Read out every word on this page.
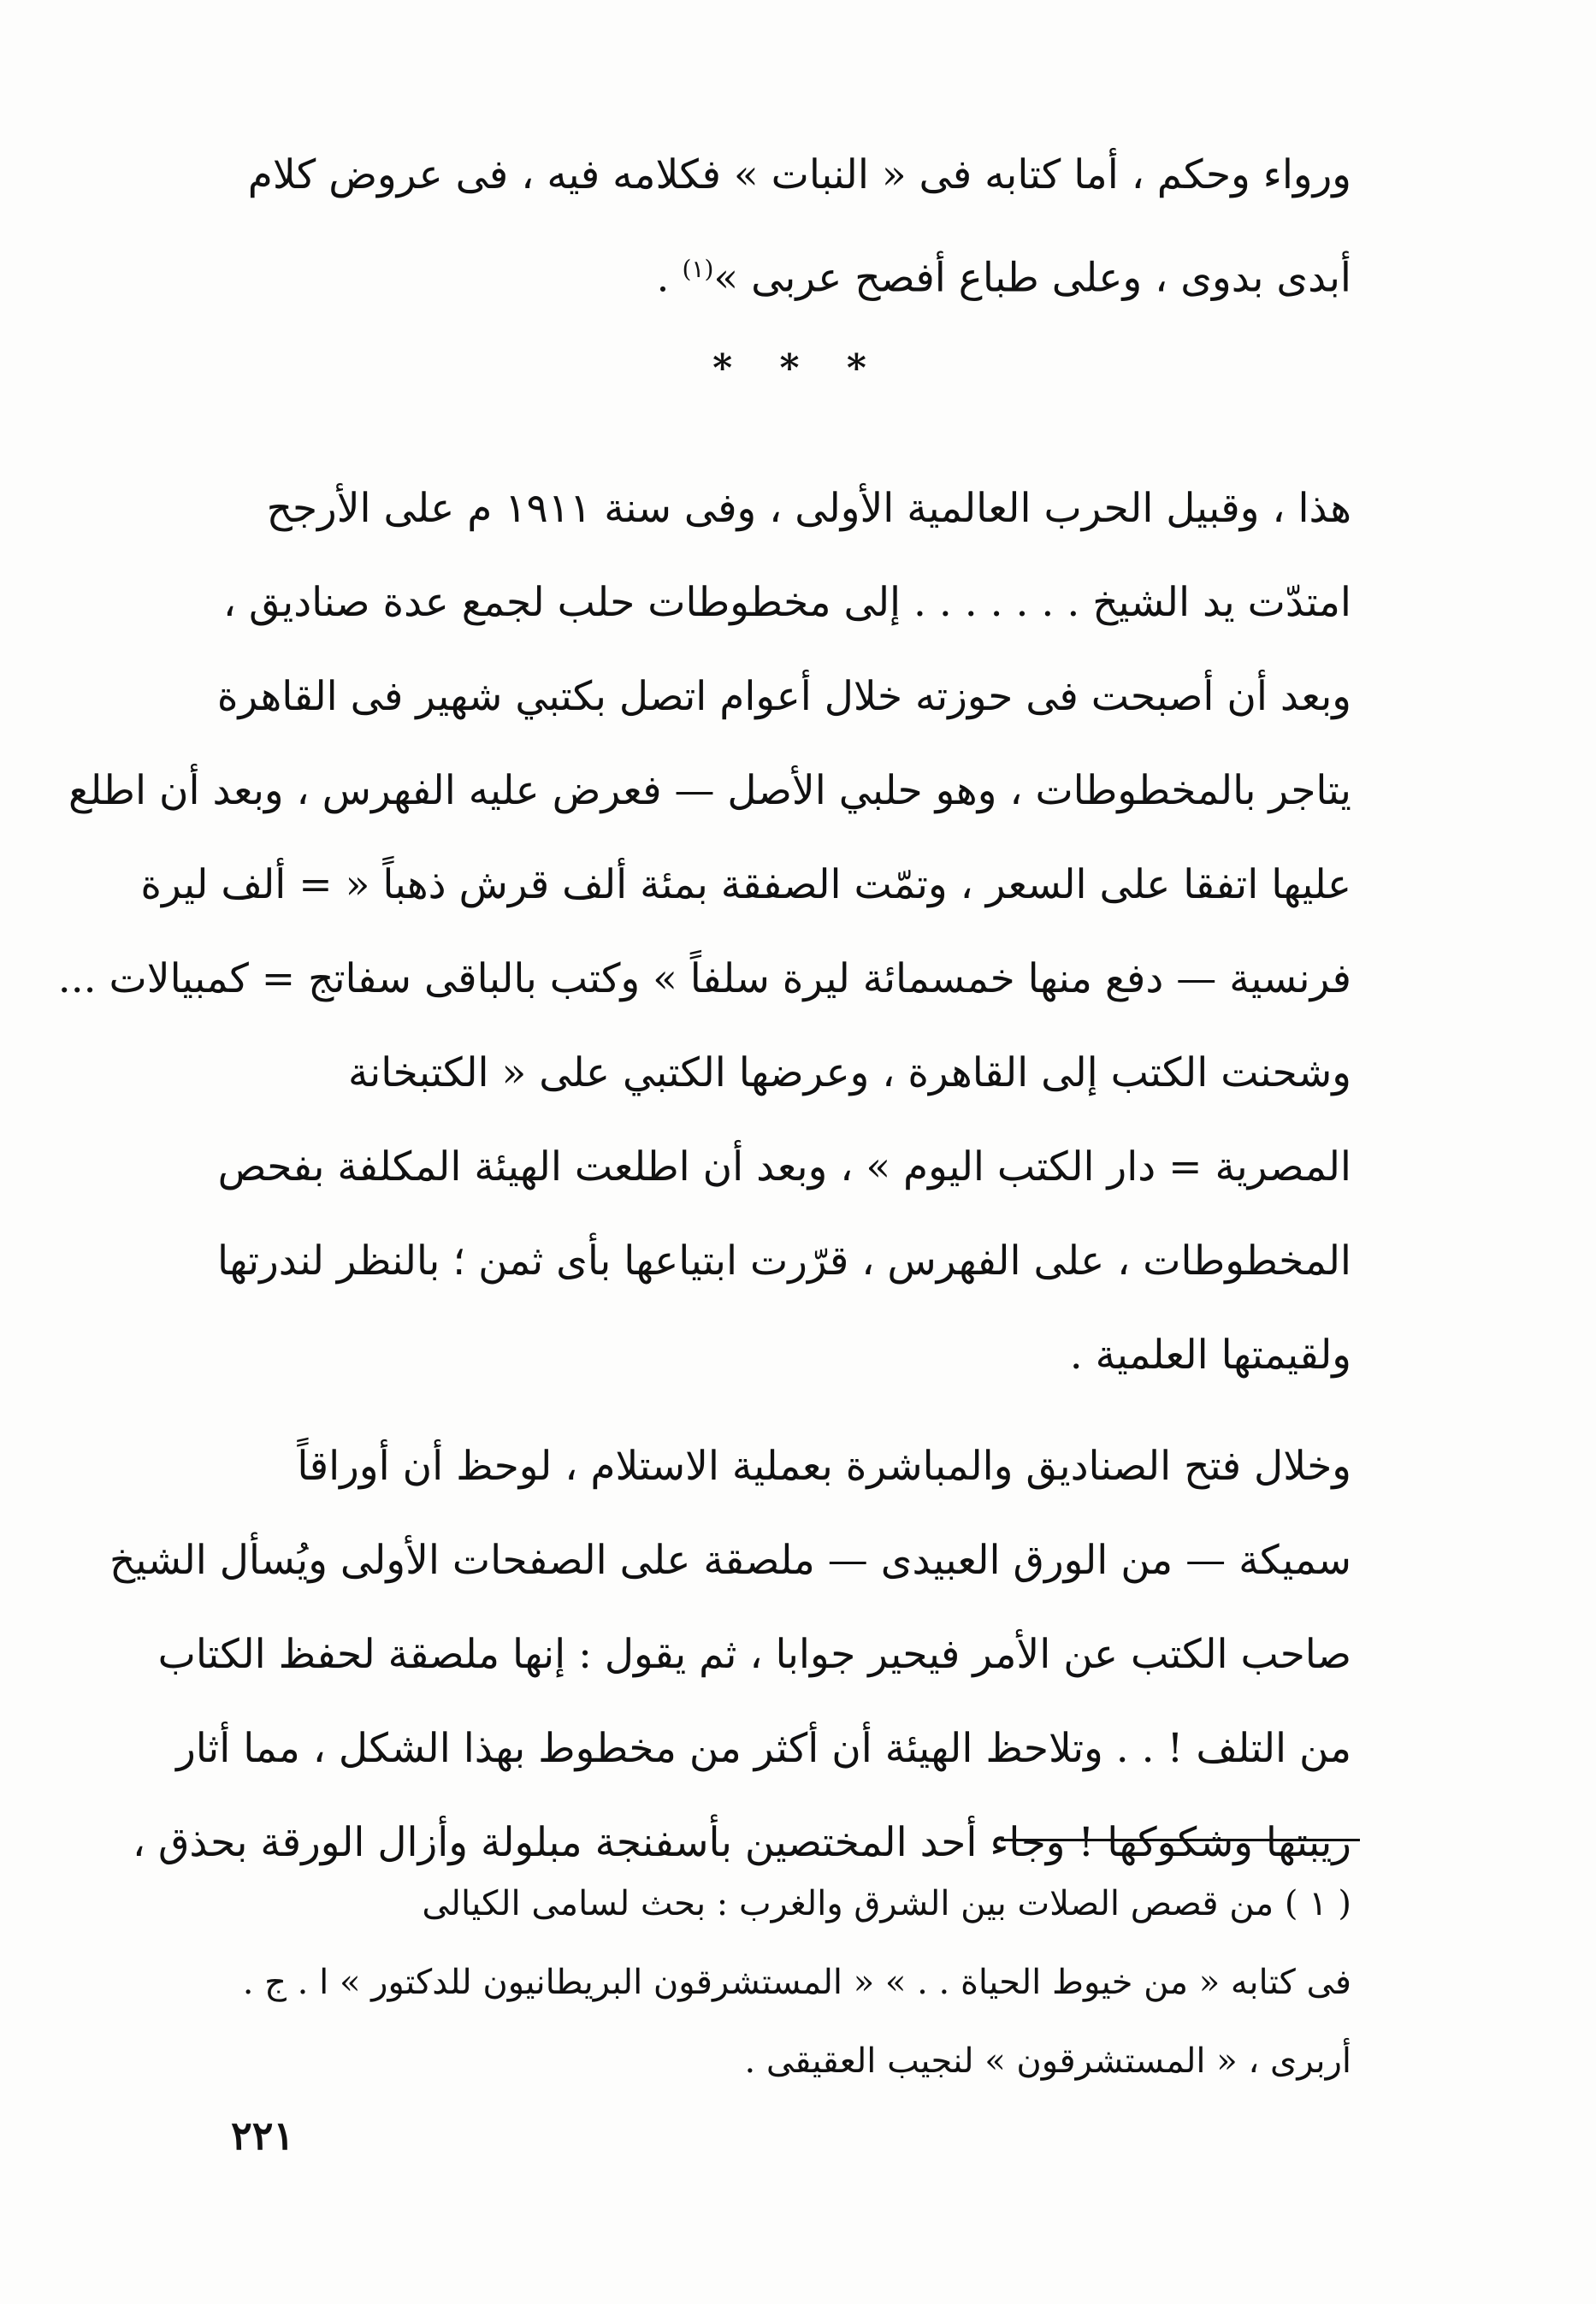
ورواء وحكم ، أما كتابه فى « النبات » فكلامه فيه ، فى عروض كلام
أبدى بدوى ، وعلى طباع أفصح عربى »$^{(١)}$ .
* * *
هذا ، وقبيل الحرب العالمية الأولى ، وفى سنة ١٩١١ م على الأرجح
امتدّت يد الشيخ . . . . . . . إلى مخطوطات حلب لجمع عدة صناديق ،
وبعد أن أصبحت فى حوزته خلال أعوام اتصل بكتبي شهير فى القاهرة
يتاجر بالمخطوطات ، وهو حلبي الأصل — فعرض عليه الفهرس ، وبعد أن اطلع
عليها اتفقا على السعر ، وتمّت الصفقة بمئة ألف قرش ذهباً « = ألف ليرة
فرنسية — دفع منها خمسمائة ليرة سلفاً » وكتب بالباقى سفاتج = كمبيالات ...
وشحنت الكتب إلى القاهرة ، وعرضها الكتبي على « الكتبخانة
المصرية = دار الكتب اليوم » ، وبعد أن اطلعت الهيئة المكلفة بفحص
المخطوطات ، على الفهرس ، قرّرت ابتياعها بأى ثمن ؛ بالنظر لندرتها
ولقيمتها العلمية .
وخلال فتح الصناديق والمباشرة بعملية الاستلام ، لوحظ أن أوراقاً
سميكة — من الورق العبيدى — ملصقة على الصفحات الأولى ويُسأل الشيخ
صاحب الكتب عن الأمر فيحير جوابا ، ثم يقول : إنها ملصقة لحفظ الكتاب
من التلف ! . . وتلاحظ الهيئة أن أكثر من مخطوط بهذا الشكل ، مما أثار
ريبتها وشكوكها ! وجاء أحد المختصين بأسفنجة مبلولة وأزال الورقة بحذق ،
( ١ ) من قصص الصلات بين الشرق والغرب : بحث لسامى الكيالى
فى كتابه « من خيوط الحياة . . » « المستشرقون البريطانيون للدكتور » ا . ج .
أربرى ، « المستشرقون » لنجيب العقيقى .
٢٢١
